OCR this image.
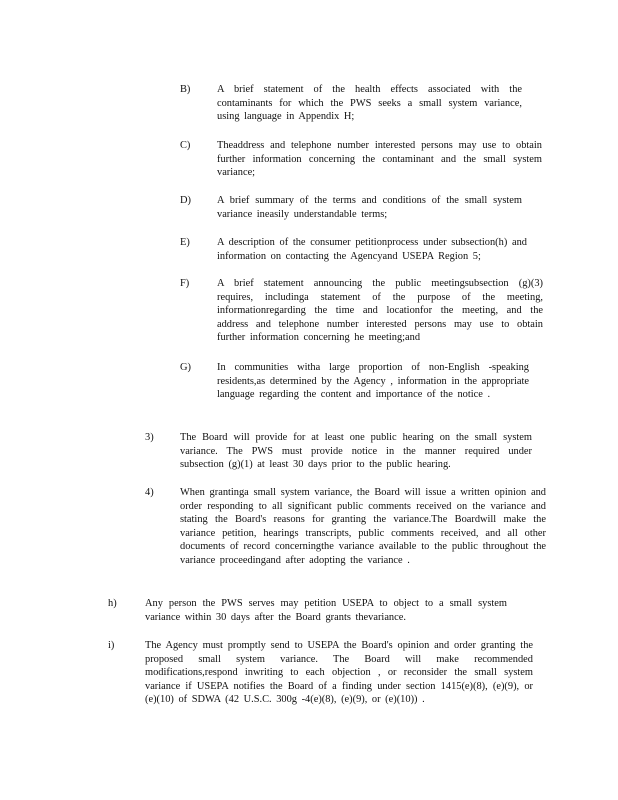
B)	A brief statement of the health effects associated with the contaminants for which the PWS seeks a small system variance, using language in Appendix H;

C)	Theaddress and telephone number interested persons may use to obtain further information concerning the contaminant and the small system variance;

D)	A brief summary of the terms and conditions of the small system variance ineasily understandable terms;

E)	A description of the consumer petitionprocess under subsection(h) and information on contacting the Agencyand USEPA Region 5;

F)	A brief statement announcing the public meetingsubsection (g)(3) requires, includinga statement of the purpose of the meeting, informationregarding the time and locationfor the meeting, and the address and telephone number interested persons may use to obtain further information concerning he meeting;and

G)	In communities witha large proportion of non-English -speaking residents,as determined by the Agency , information in the appropriate language regarding the content and importance of the notice .

3)	The Board will provide for at least one public hearing on the small system variance. The PWS must provide notice in the manner required under subsection (g)(1) at least 30 days prior to the public hearing.

4)	When grantinga small system variance, the Board will issue a written opinion and order responding to all significant public comments received on the variance and stating the Board's reasons for granting the variance.The Boardwill make the variance petition, hearings transcripts, public comments received, and all other documents of record concerningthe variance available to the public throughout the variance proceedingand after adopting the variance .

h)	Any person the PWS serves may petition USEPA to object to a small system variance within 30 days after the Board grants thevariance.

i)	The Agency must promptly send to USEPA the Board's opinion and order granting the proposed small system variance. The Board will make recommended modifications,respond inwriting to each objection , or reconsider the small system variance if USEPA notifies the Board of a finding under section 1415(e)(8), (e)(9), or (e)(10) of SDWA (42 U.S.C. 300g -4(e)(8), (e)(9), or (e)(10)) .
